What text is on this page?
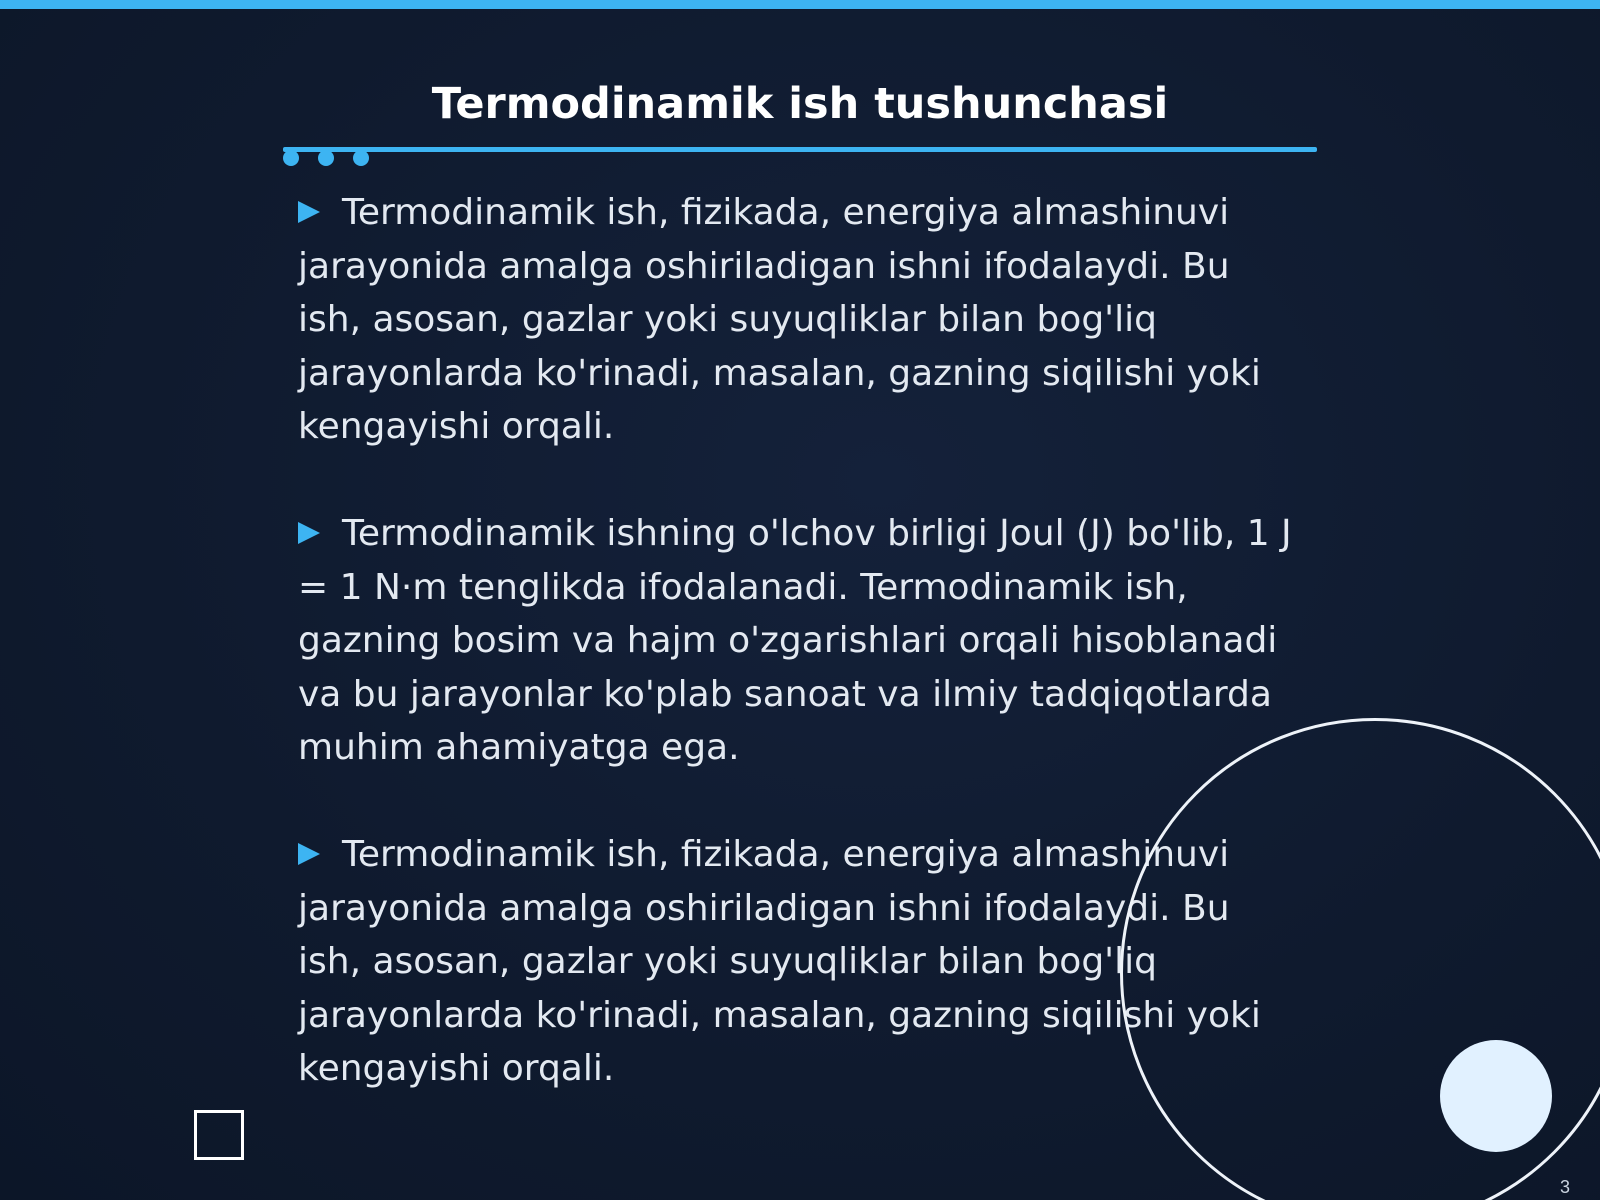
Termodinamik ish tushunchasi
Termodinamik ish, fizikada, energiya almashinuvi jarayonida amalga oshiriladigan ishni ifodalaydi. Bu ish, asosan, gazlar yoki suyuqliklar bilan bog'liq jarayonlarda ko'rinadi, masalan, gazning siqilishi yoki kengayishi orqali.
Termodinamik ishning o'lchov birligi Joul (J) bo'lib, 1 J = 1 N·m tenglikda ifodalanadi. Termodinamik ish, gazning bosim va hajm o'zgarishlari orqali hisoblanadi va bu jarayonlar ko'plab sanoat va ilmiy tadqiqotlarda muhim ahamiyatga ega.
Termodinamik ish, fizikada, energiya almashinuvi jarayonida amalga oshiriladigan ishni ifodalaydi. Bu ish, asosan, gazlar yoki suyuqliklar bilan bog'liq jarayonlarda ko'rinadi, masalan, gazning siqilishi yoki kengayishi orqali.
3
